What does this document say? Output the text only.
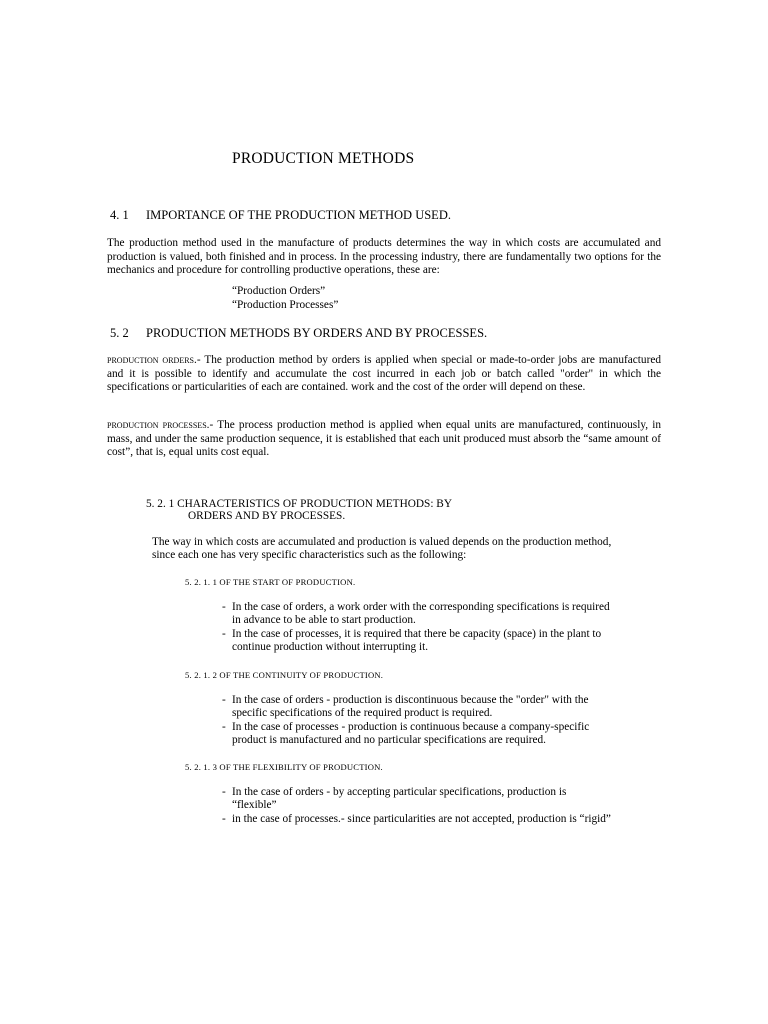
PRODUCTION METHODS
4. 1 IMPORTANCE OF THE PRODUCTION METHOD USED.

The production method used in the manufacture of products determines the way in which costs are accumulated and production is valued, both finished and in process. In the processing industry, there are fundamentally two options for the mechanics and procedure for controlling productive operations, these are:

“Production Orders”
“Production Processes”
5. 2 PRODUCTION METHODS BY ORDERS AND BY PROCESSES.

production orders.- The production method by orders is applied when special or made-to-order jobs are manufactured and it is possible to identify and accumulate the cost incurred in each job or batch called "order" in which the specifications or particularities of each are contained. work and the cost of the order will depend on these.

production processes.- The process production method is applied when equal units are manufactured, continuously, in mass, and under the same production sequence, it is established that each unit produced must absorb the “same amount of cost”, that is, equal units cost equal.

5. 2. 1 CHARACTERISTICS OF PRODUCTION METHODS: BY
ORDERS AND BY PROCESSES.
The way in which costs are accumulated and production is valued depends on the production method,
since each one has very specific characteristics such as the following:
5. 2. 1. 1 OF THE START OF PRODUCTION.
- In the case of orders, a work order with the corresponding specifications is required
in advance to be able to start production.
- In the case of processes, it is required that there be capacity (space) in the plant to
continue production without interrupting it.
5. 2. 1. 2 OF THE CONTINUITY OF PRODUCTION.
- In the case of orders - production is discontinuous because the "order" with the
specific specifications of the required product is required.
- In the case of processes - production is continuous because a company-specific
product is manufactured and no particular specifications are required.
5. 2. 1. 3 OF THE FLEXIBILITY OF PRODUCTION.
- In the case of orders - by accepting particular specifications, production is
“flexible”
- in the case of processes.- since particularities are not accepted, production is “rigid”
